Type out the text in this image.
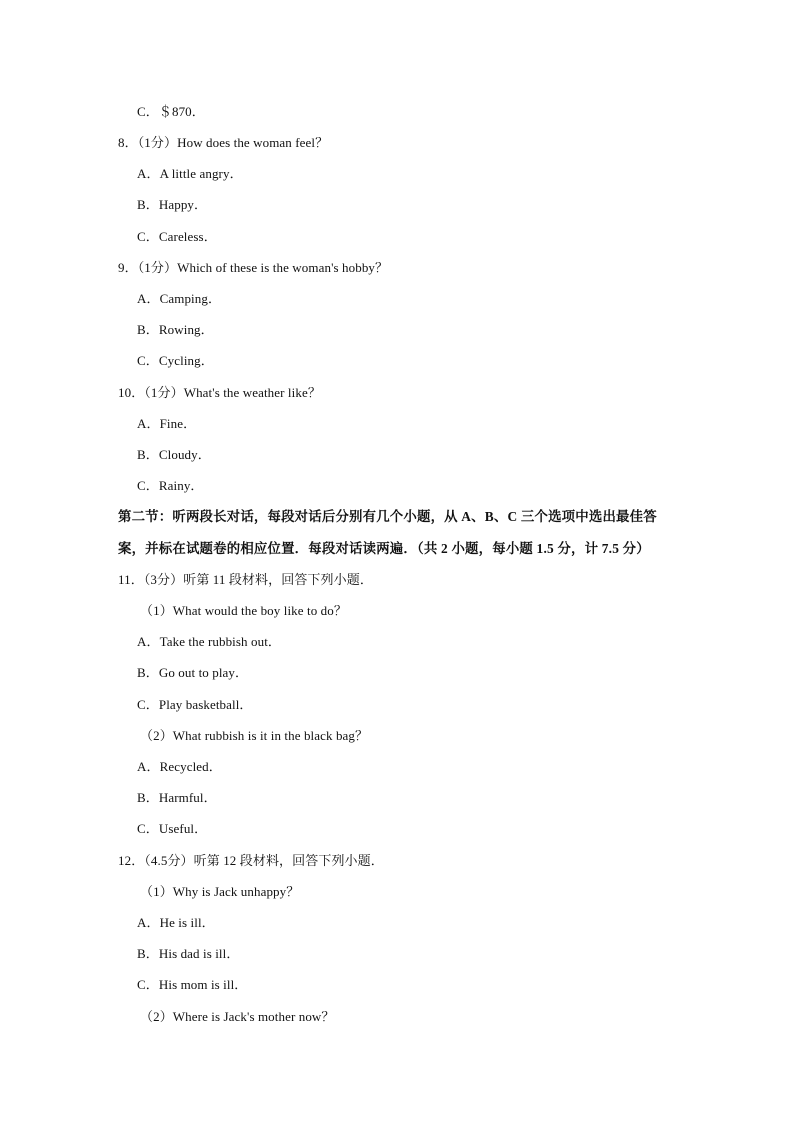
C．＄870．
8．（1分）How does the woman feel？
A．A little angry．
B．Happy．
C．Careless．
9．（1分）Which of these is the woman's hobby？
A．Camping．
B．Rowing．
C．Cycling．
10．（1分）What's the weather like？
A．Fine．
B．Cloudy．
C．Rainy．
第二节：听两段长对话，每段对话后分别有几个小题，从 A、B、C 三个选项中选出最佳答
案，并标在试题卷的相应位置．每段对话读两遍．（共 2 小题，每小题 1.5 分，计 7.5 分）
11．（3分）听第 11 段材料，回答下列小题．
（1）What would the boy like to do？
A．Take the rubbish out．
B．Go out to play．
C．Play basketball．
（2）What rubbish is it in the black bag？
A．Recycled．
B．Harmful．
C．Useful．
12．（4.5分）听第 12 段材料，回答下列小题．
（1）Why is Jack unhappy？
A．He is ill．
B．His dad is ill．
C．His mom is ill．
（2）Where is Jack's mother now？
